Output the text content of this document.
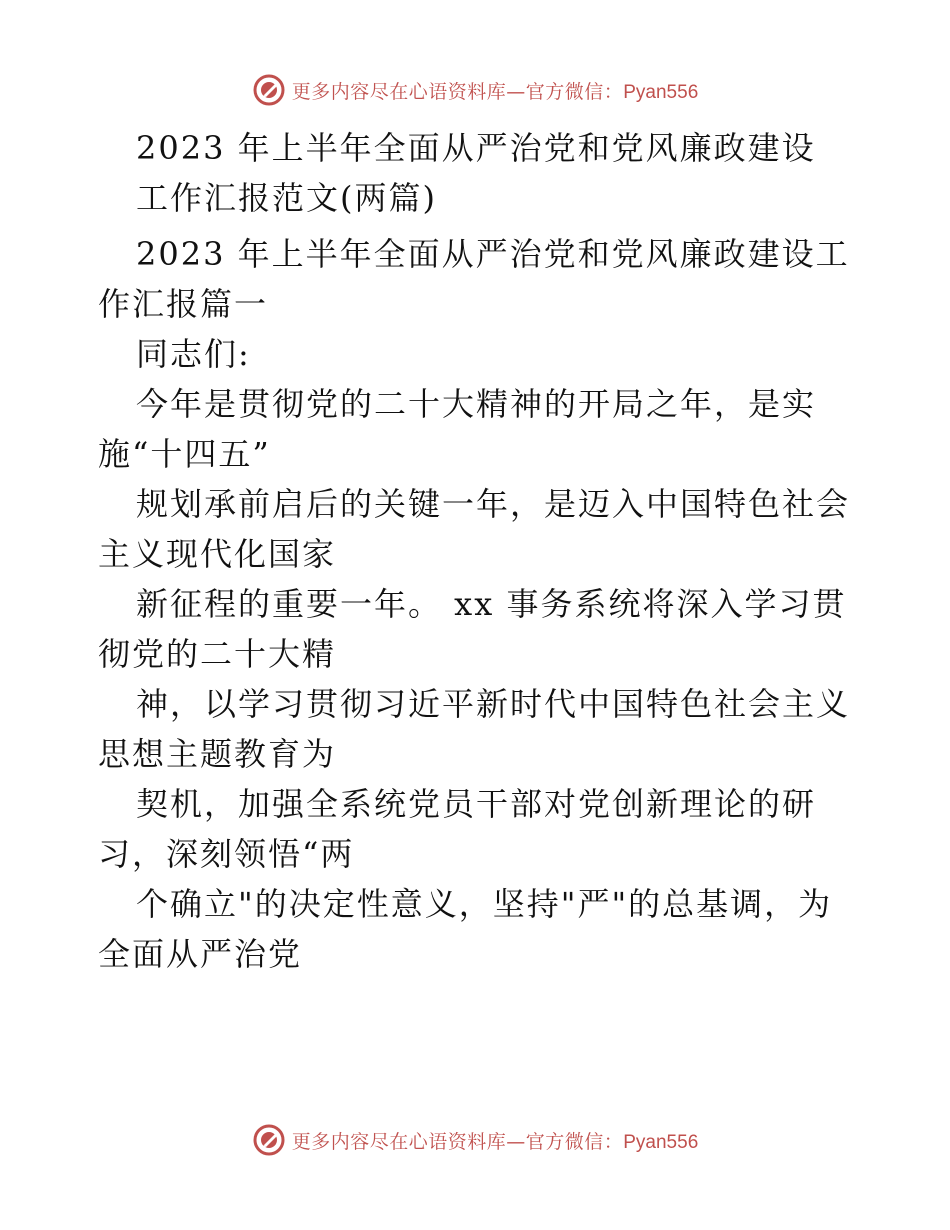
更多内容尽在心语资料库—官方微信：Pyan556
2023 年上半年全面从严治党和党风廉政建设
工作汇报范文(两篇)
2023 年上半年全面从严治党和党风廉政建设工
作汇报篇一
同志们:
今年是贯彻党的二十大精神的开局之年，是实
施“十四五”
规划承前启后的关键一年，是迈入中国特色社会
主义现代化国家
新征程的重要一年。 xx 事务系统将深入学习贯
彻党的二十大精
神，以学习贯彻习近平新时代中国特色社会主义
思想主题教育为
契机，加强全系统党员干部对党创新理论的研
习，深刻领悟“两
个确立"的决定性意义，坚持"严"的总基调，为
全面从严治党
更多内容尽在心语资料库—官方微信：Pyan556
